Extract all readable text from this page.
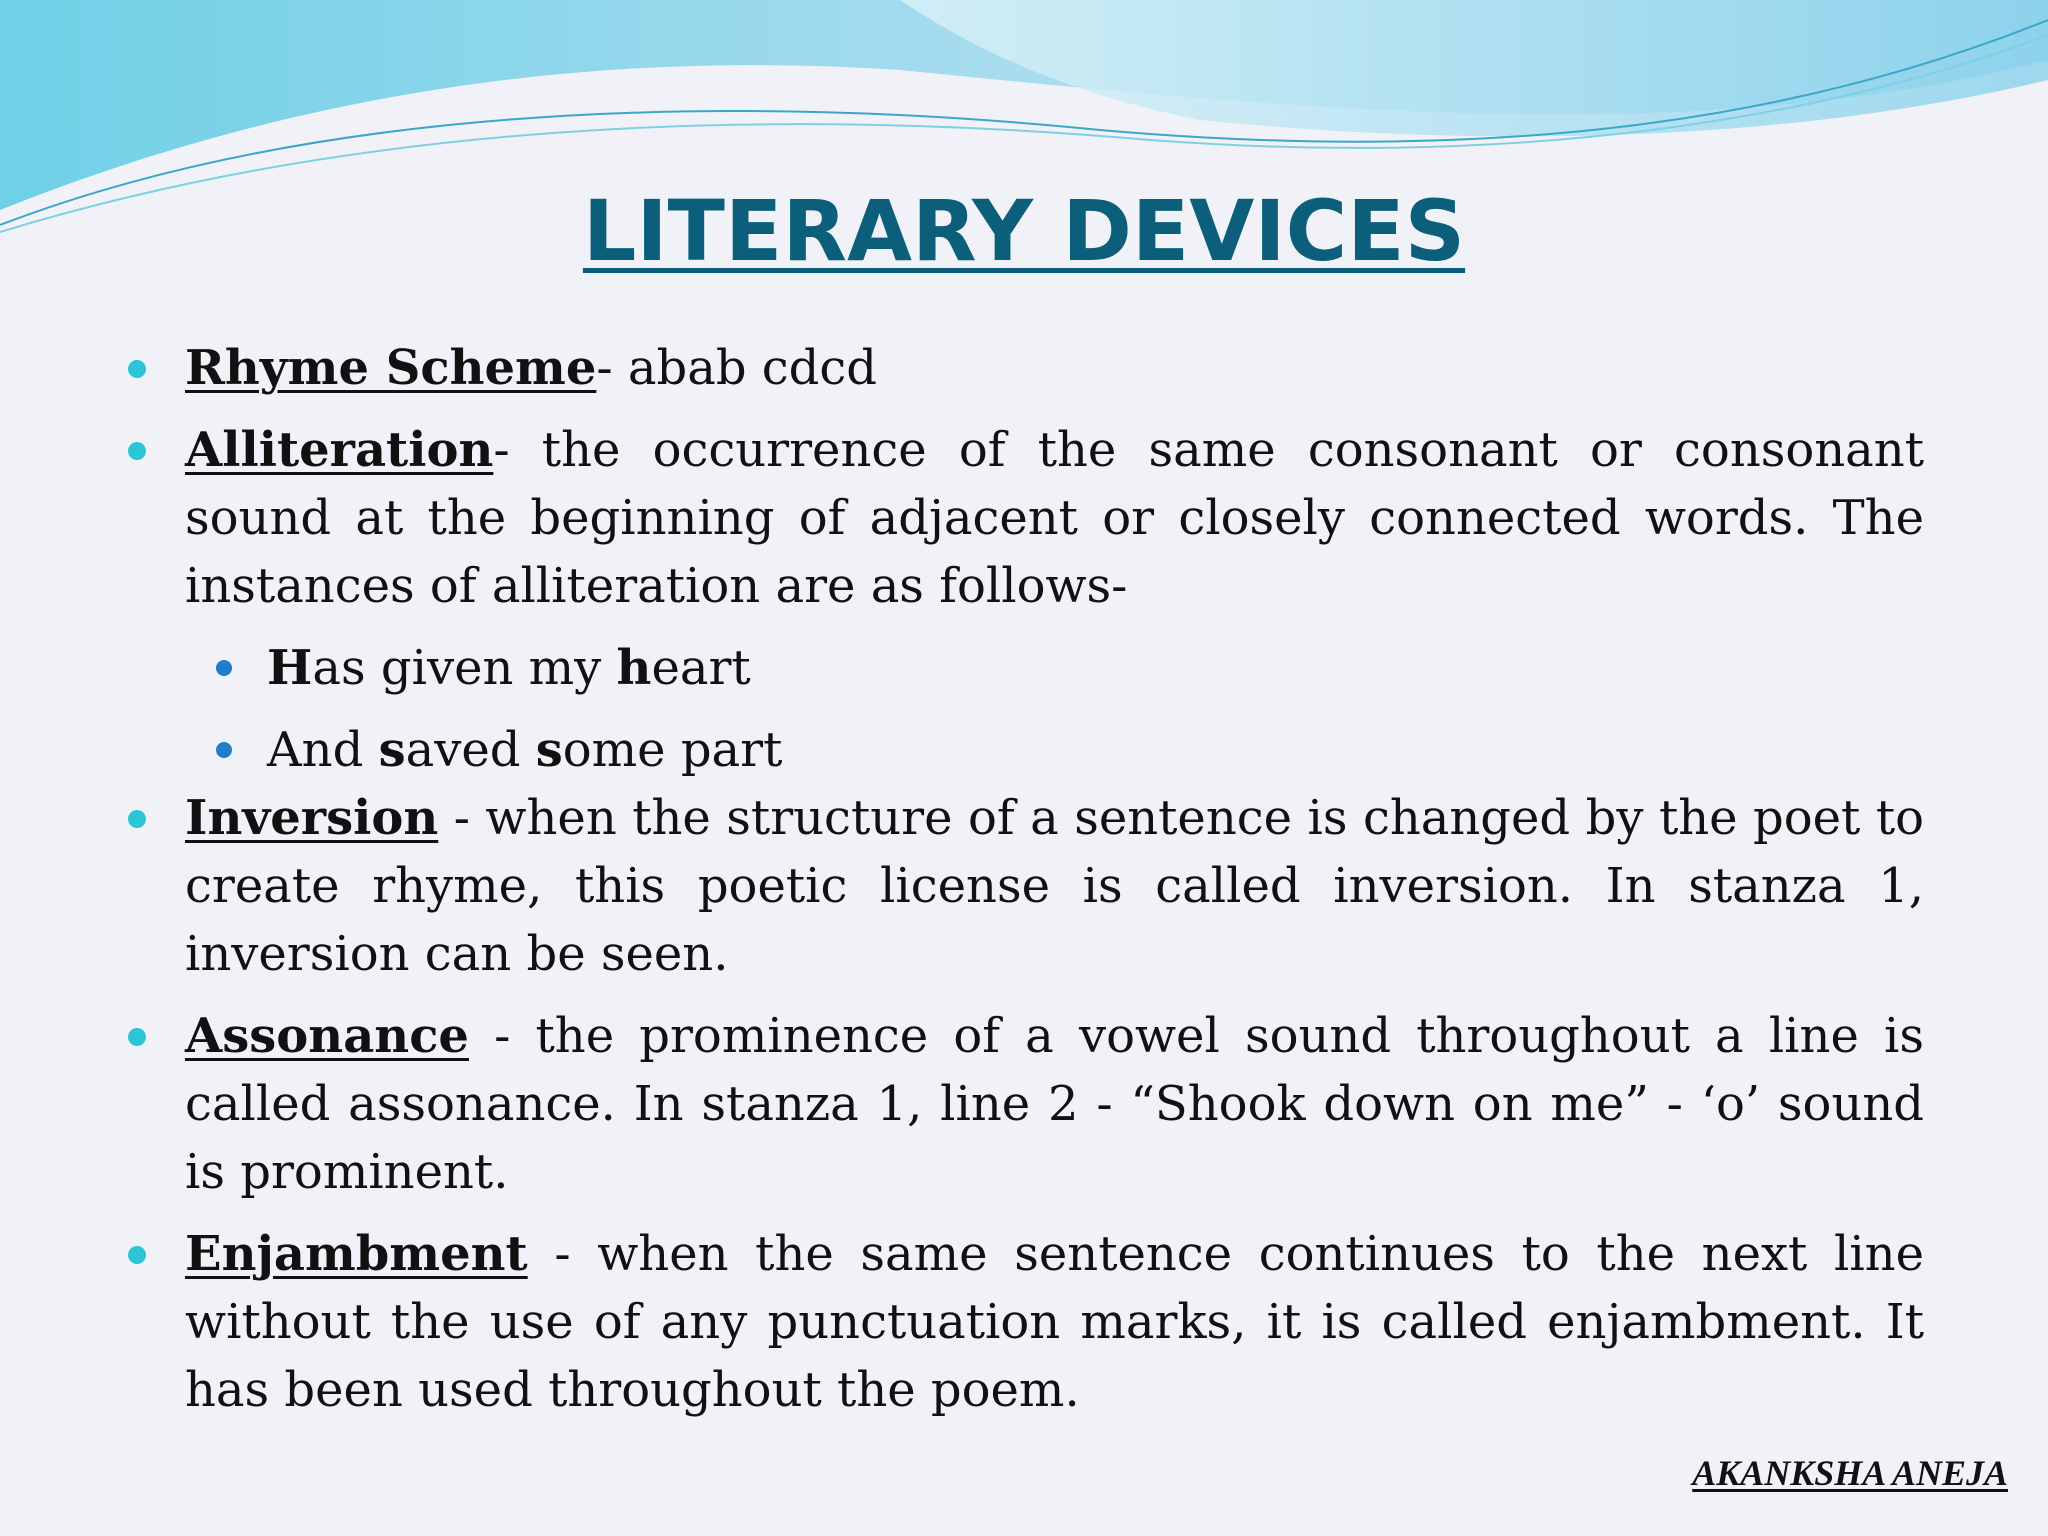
LITERARY DEVICES
Rhyme Scheme- abab cdcd
Alliteration- the occurrence of the same consonant or consonant sound at the beginning of adjacent or closely connected words. The instances of alliteration are as follows-
Has given my heart
And saved some part
Inversion - when the structure of a sentence is changed by the poet to create rhyme, this poetic license is called inversion. In stanza 1, inversion can be seen.
Assonance - the prominence of a vowel sound throughout a line is called assonance. In stanza 1, line 2 - “Shook down on me” - ‘o’ sound is prominent.
Enjambment - when the same sentence continues to the next line without the use of any punctuation marks, it is called enjambment. It has been used throughout the poem.
AKANKSHA ANEJA
